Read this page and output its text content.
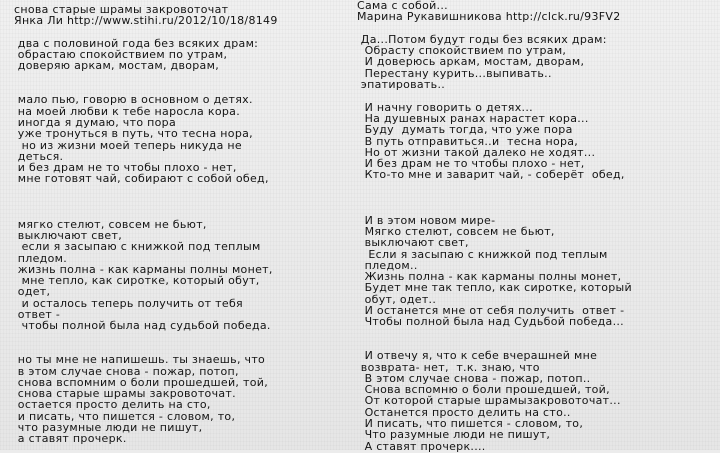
снова старые шрамы закровоточат
Янка Ли http://www.stihi.ru/2012/10/18/8149
два с половиной года без всяких драм:
обрастаю спокойствием по утрам,
доверяю аркам, мостам, дворам,
мало пью, говорю в основном о детях.
на моей любви к тебе наросла кора.
иногда я думаю, что пора
уже тронуться в путь, что тесна нора,
но из жизни моей теперь никуда не
деться.
и без драм не то чтобы плохо - нет,
мне готовят чай, собирают с собой обед,
мягко стелют, совсем не бьют,
выключают свет,
если я засыпаю с книжкой под теплым
пледом.
жизнь полна - как карманы полны монет,
мне тепло, как сиротке, который обут,
одет,
и осталось теперь получить от тебя
ответ -
чтобы полной была над судьбой победа.
но ты мне не напишешь. ты знаешь, что
в этом случае снова - пожар, потоп,
снова вспомним о боли прошедшей, той,
снова старые шрамы закровоточат.
остается просто делить на сто,
и писать, что пишется - словом, то,
что разумные люди не пишут,
а ставят прочерк.
Сама с собой...
Марина Рукавишникова http://clck.ru/93FV2
Да...Потом будут годы без всяких драм:
Обрасту спокойствием по утрам,
И доверюсь аркам, мостам, дворам,
Перестану курить...выпивать..
эпатировать..
И начну говорить о детях...
На душевных ранах нарастет кора...
Буду  думать тогда, что уже пора
В путь отправиться..и  тесна нора,
Но от жизни такой далеко не ходят...
И без драм не то чтобы плохо - нет,
Кто-то мне и заварит чай, - соберёт  обед,
И в этом новом мире-
Мягко стелют, совсем не бьют,
выключают свет,
Если я засыпаю с книжкой под теплым
пледом..
Жизнь полна - как карманы полны монет,
Будет мне так тепло, как сиротке, который
обут, одет..
И останется мне от себя получить  ответ -
Чтобы полной была над Судьбой победа...
И отвечу я, что к себе вчерашней мне
возврата- нет,  т.к. знаю, что
В этом случае снова - пожар, потоп..
Снова вспомню о боли прошедшей, той,
От которой старые шрамызакровоточат...
Останется просто делить на сто..
И писать, что пишется - словом, то,
Что разумные люди не пишут,
А ставят прочерк....
